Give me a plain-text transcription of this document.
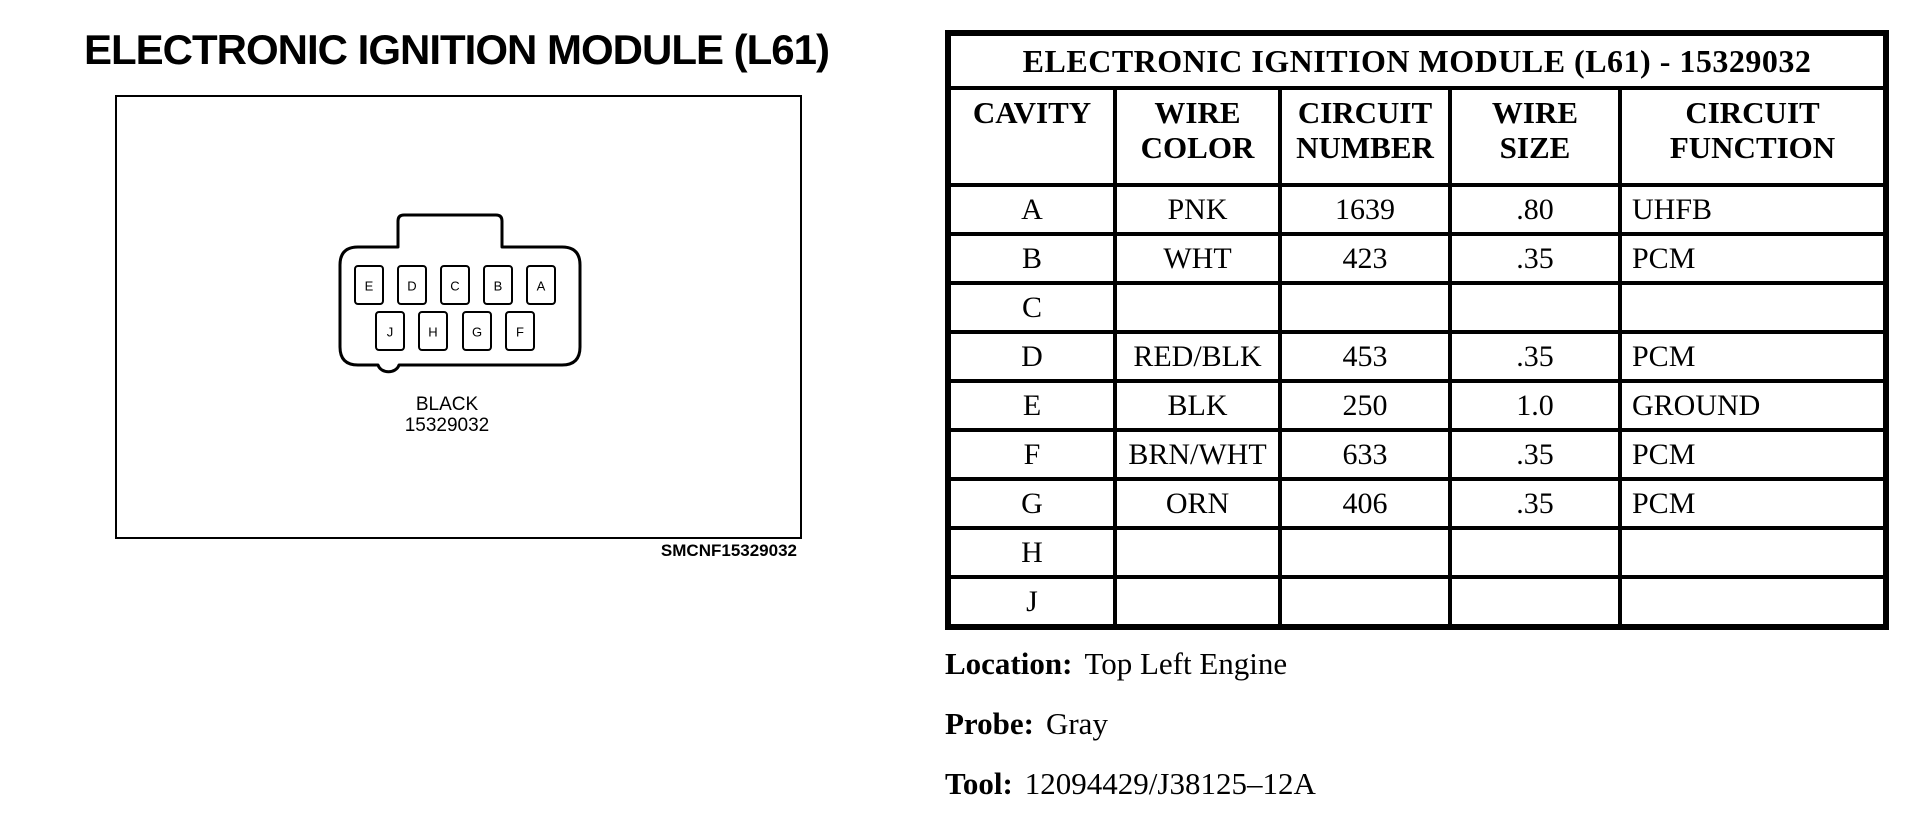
ELECTRONIC IGNITION MODULE (L61)
E	D	C	B	A
J	H	G	F
BLACK
15329032
SMCNF15329032
ELECTRONIC IGNITION MODULE (L61) - 15329032				
CAVITY	WIRE COLOR	CIRCUIT NUMBER	WIRE SIZE	CIRCUIT FUNCTION
A	PNK	1639	.80	UHFB
B	WHT	423	.35	PCM
C				
D	RED/BLK	453	.35	PCM
E	BLK	250	1.0	GROUND
F	BRN/WHT	633	.35	PCM
G	ORN	406	.35	PCM
H				
J				
Location: Top Left Engine
Probe: Gray
Tool: 12094429/J38125–12A
